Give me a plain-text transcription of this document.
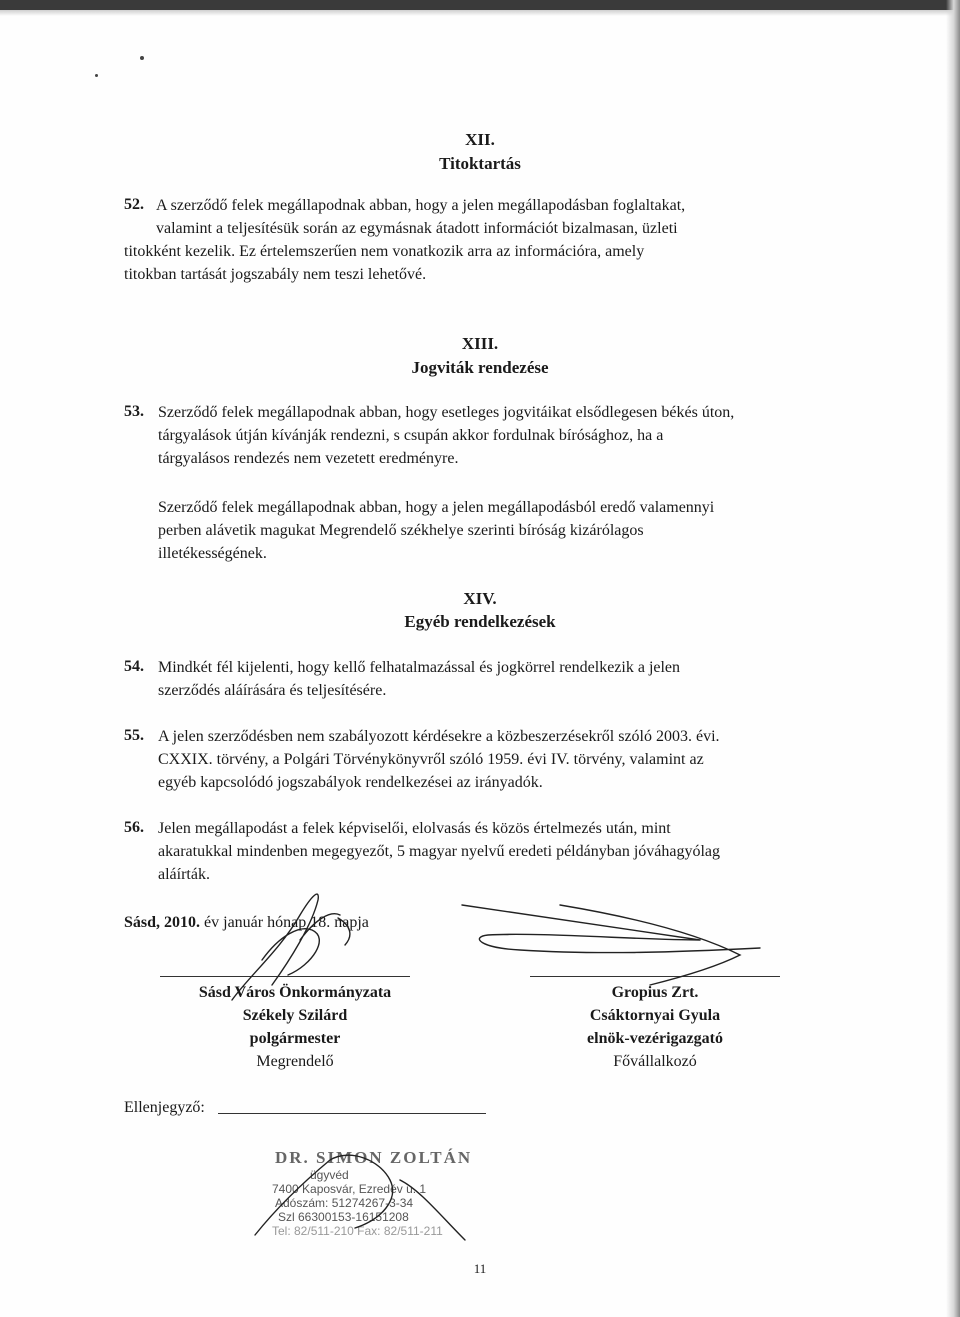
XII.
Titoktartás
52. A szerződő felek megállapodnak abban, hogy a jelen megállapodásban foglaltakat,
valamint a teljesítésük során az egymásnak átadott információt bizalmasan, üzleti
titokként kezelik. Ez értelemszerűen nem vonatkozik arra az információra, amely
titokban tartását jogszabály nem teszi lehetővé.
XIII.
Jogviták rendezése
53. Szerződő felek megállapodnak abban, hogy esetleges jogvitáikat elsődlegesen békés úton,
tárgyalások útján kívánják rendezni, s csupán akkor fordulnak bírósághoz, ha a
tárgyalásos rendezés nem vezetett eredményre.
Szerződő felek megállapodnak abban, hogy a jelen megállapodásból eredő valamennyi
perben alávetik magukat Megrendelő székhelye szerinti bíróság kizárólagos
illetékességének.
XIV.
Egyéb rendelkezések
54. Mindkét fél kijelenti, hogy kellő felhatalmazással és jogkörrel rendelkezik a jelen
szerződés aláírására és teljesítésére.
55. A jelen szerződésben nem szabályozott kérdésekre a közbeszerzésekről szóló 2003. évi.
CXXIX. törvény, a Polgári Törvénykönyvről szóló 1959. évi IV. törvény, valamint az
egyéb kapcsolódó jogszabályok rendelkezései az irányadók.
56. Jelen megállapodást a felek képviselői, elolvasás és közös értelmezés után, mint
akaratukkal mindenben megegyezőt, 5 magyar nyelvű eredeti példányban jóváhagyólag
aláírták.
Sásd, 2010. év január hónap 18. napja
Sásd Város Önkormányzata
Székely Szilárd
polgármester
Megrendelő
Gropius Zrt.
Csáktornyai Gyula
elnök-vezérigazgató
Fővállalkozó
Ellenjegyző:
DR. SIMON ZOLTÁN
ügyvéd
7400 Kaposvár, Ezredév u. 1
Adószám: 51274267-3-34
Szl 66300153-16151208
Tel: 82/511-210 Fax: 82/511-211
11
